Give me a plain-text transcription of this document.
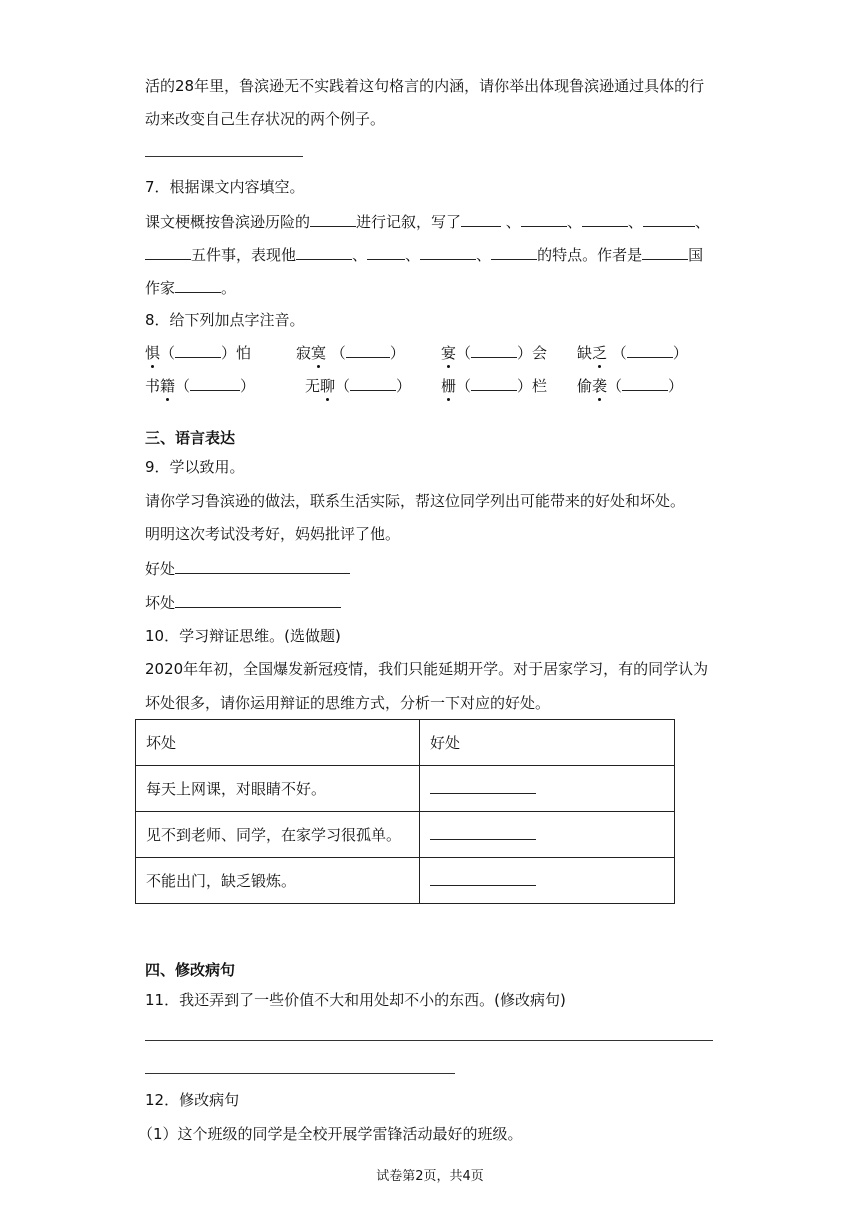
活的28年里，鲁滨逊无不实践着这句格言的内涵，请你举出体现鲁滨逊通过具体的行
动来改变自己生存状况的两个例子。
7．根据课文内容填空。
课文梗概按鲁滨逊历险的	进行记叙，写了	、	、	、	、
五件事，表现他	、	、	、	的特点。作者是	国
作家	。
8．给下列加点字注音。
惧（	）怕	寂寞 （	） 宴（	）会 缺乏 （	）
书籍（	）	无聊（	） 栅（	）栏 偷袭（	）
三、语言表达
9．学以致用。
请你学习鲁滨逊的做法，联系生活实际，帮这位同学列出可能带来的好处和坏处。
明明这次考试没考好，妈妈批评了他。
好处
坏处
10．学习辩证思维。(选做题)
2020年年初，全国爆发新冠疫情，我们只能延期开学。对于居家学习，有的同学认为
坏处很多，请你运用辩证的思维方式，分析一下对应的好处。
坏处	好处
每天上网课，对眼睛不好。	
见不到老师、同学，在家学习很孤单。	
不能出门，缺乏锻炼。	
四、修改病句
11．我还弄到了一些价值不大和用处却不小的东西。(修改病句)
12．修改病句
（1）这个班级的同学是全校开展学雷锋活动最好的班级。
试卷第2页，共4页
